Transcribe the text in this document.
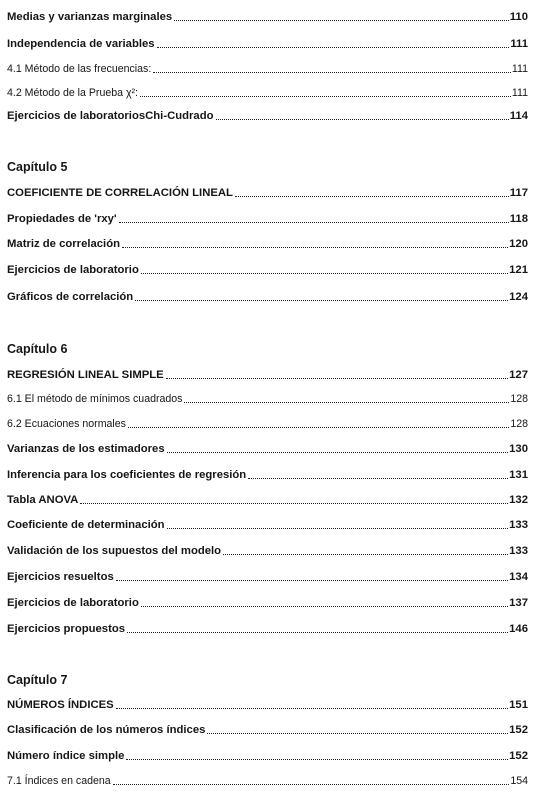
Medias y varianzas marginales	110
Independencia de variables	111
4.1 Método de las frecuencias:	111
4.2 Método de la Prueba χ²:	111
Ejercicios de laboratoriosChi-Cudrado	114
Capítulo 5
COEFICIENTE DE CORRELACIÓN LINEAL	117
Propiedades de 'rxy'	118
Matriz de correlación	120
Ejercicios de laboratorio	121
Gráficos de correlación	124
Capítulo 6
REGRESIÓN LINEAL SIMPLE	127
6.1 El método de mínimos cuadrados	128
6.2 Ecuaciones normales	128
Varianzas de los estimadores	130
Inferencia para los coeficientes de regresión	131
Tabla ANOVA	132
Coeficiente de determinación	133
Validación de los supuestos del modelo	133
Ejercicios resueltos	134
Ejercicios de laboratorio	137
Ejercicios propuestos	146
Capítulo 7
NÚMEROS ÍNDICES	151
Clasificación de los números índices	152
Número índice simple	152
7.1 Índices en cadena	154
